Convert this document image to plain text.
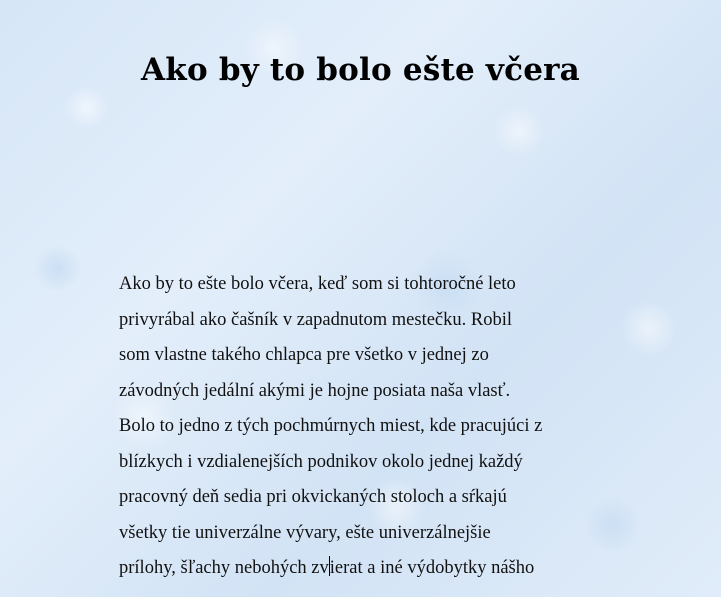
Ako by to bolo ešte včera

Ako by to ešte bolo včera, keď som si tohtoročné leto
privyrábal ako čašník v zapadnutom mestečku. Robil
som vlastne takého chlapca pre všetko v jednej zo
závodných jedální akými je hojne posiata naša vlasť.
Bolo to jedno z tých pochmúrnych miest, kde pracujúci z
blízkych i vzdialenejších podnikov okolo jednej každý
pracovný deň sedia pri okvickaných stoloch a sŕkajú
všetky tie univerzálne vývary, ešte univerzálnejšie
prílohy, šľachy nebohých zvierat a iné výdobytky nášho
